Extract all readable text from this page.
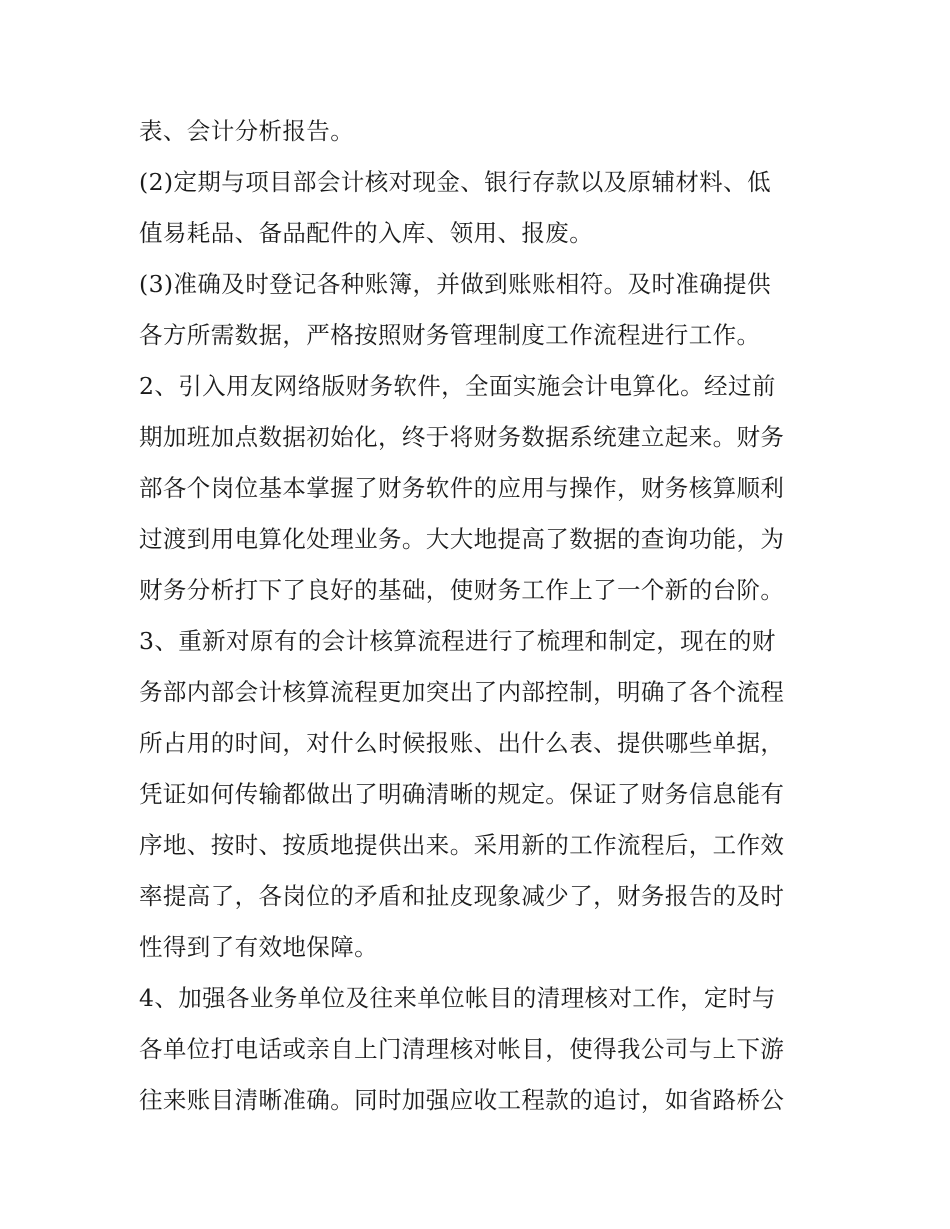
表、会计分析报告。
(2)定期与项目部会计核对现金、银行存款以及原辅材料、低
值易耗品、备品配件的入库、领用、报废。
(3)准确及时登记各种账簿，并做到账账相符。及时准确提供
各方所需数据，严格按照财务管理制度工作流程进行工作。
2、引入用友网络版财务软件，全面实施会计电算化。经过前
期加班加点数据初始化，终于将财务数据系统建立起来。财务
部各个岗位基本掌握了财务软件的应用与操作，财务核算顺利
过渡到用电算化处理业务。大大地提高了数据的查询功能，为
财务分析打下了良好的基础，使财务工作上了一个新的台阶。
3、重新对原有的会计核算流程进行了梳理和制定，现在的财
务部内部会计核算流程更加突出了内部控制，明确了各个流程
所占用的时间，对什么时候报账、出什么表、提供哪些单据，
凭证如何传输都做出了明确清晰的规定。保证了财务信息能有
序地、按时、按质地提供出来。采用新的工作流程后，工作效
率提高了，各岗位的矛盾和扯皮现象减少了，财务报告的及时
性得到了有效地保障。
4、加强各业务单位及往来单位帐目的清理核对工作，定时与
各单位打电话或亲自上门清理核对帐目，使得我公司与上下游
往来账目清晰准确。同时加强应收工程款的追讨，如省路桥公
